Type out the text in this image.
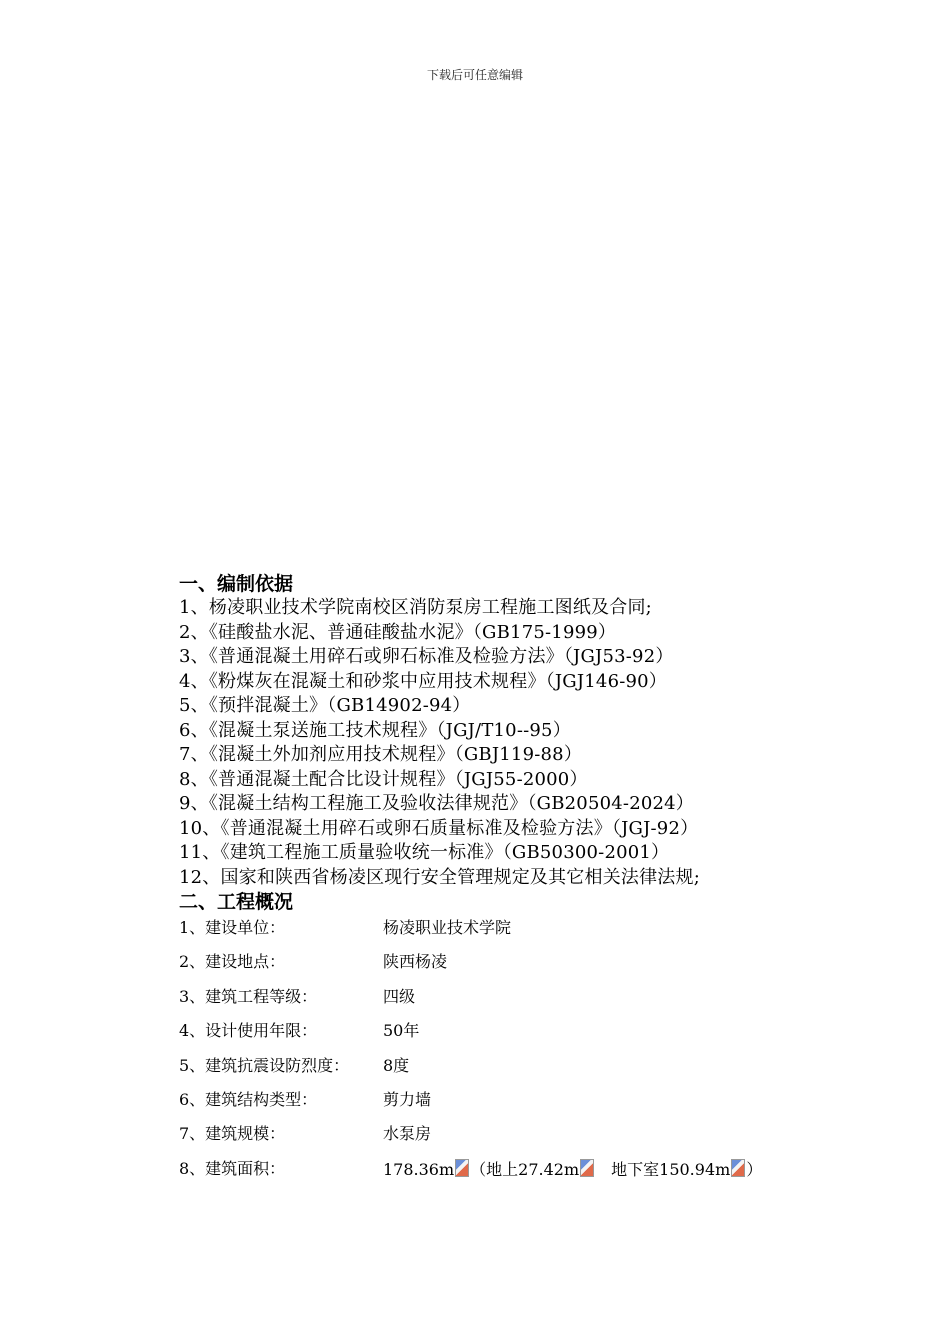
下载后可任意编辑
一、编制依据
1、杨凌职业技术学院南校区消防泵房工程施工图纸及合同;
2、《硅酸盐水泥、普通硅酸盐水泥》（GB175-1999）
3、《普通混凝土用碎石或卵石标准及检验方法》（JGJ53-92）
4、《粉煤灰在混凝土和砂浆中应用技术规程》（JGJ146-90）
5、《预拌混凝土》（GB14902-94）
6、《混凝土泵送施工技术规程》（JGJ/T10--95）
7、《混凝土外加剂应用技术规程》（GBJ119-88）
8、《普通混凝土配合比设计规程》（JGJ55-2000）
9、《混凝土结构工程施工及验收法律规范》（GB20504-2024）
10、《普通混凝土用碎石或卵石质量标准及检验方法》（JGJ-92）
11、《建筑工程施工质量验收统一标准》（GB50300-2001）
12、国家和陕西省杨凌区现行安全管理规定及其它相关法律法规;
二、工程概况
1、建设单位：	杨凌职业技术学院
2、建设地点：	陕西杨凌
3、建筑工程等级：	四级
4、设计使用年限：	50年
5、建筑抗震设防烈度：	8度
6、建筑结构类型：	剪力墙
7、建筑规模：	水泵房
8、建筑面积：	178.36m （地上27.42m　地下室150.94m ）
